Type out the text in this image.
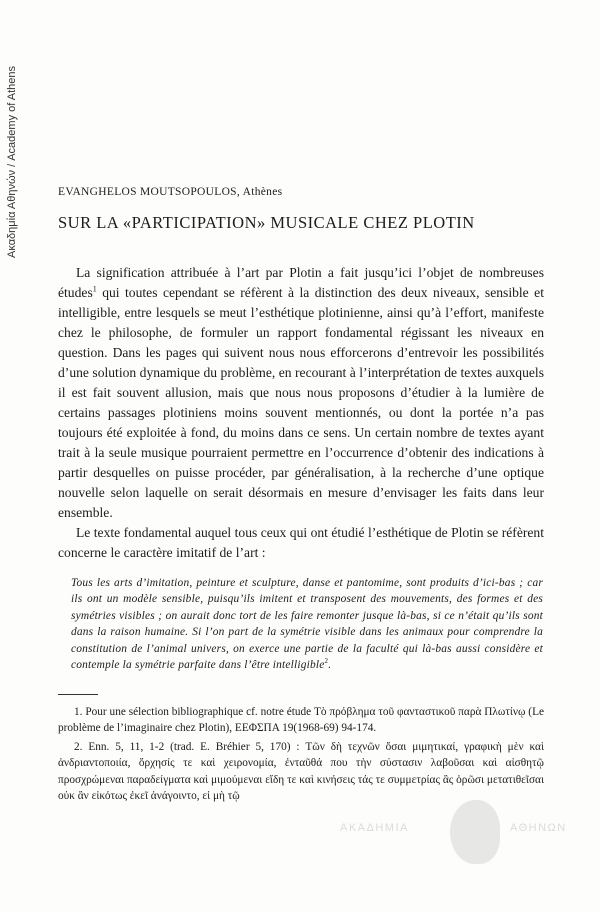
Ακαδημία Αθηνών / Academy of Athens	EVANGHELOS MOUTSOPOULOS, Athènes
SUR LA «PARTICIPATION» MUSICALE CHEZ PLOTIN

La signification attribuée à l’art par Plotin a fait jusqu’ici l’objet de nombreuses études$^1$ qui toutes cependant se réfèrent à la distinction des deux niveaux, sensible et intelligible, entre lesquels se meut l’esthétique plotinienne, ainsi qu’à l’effort, manifeste chez le philosophe, de formuler un rapport fondamental régissant les niveaux en question. Dans les pages qui suivent nous nous efforcerons d’entrevoir les possibilités d’une solution dynamique du problème, en recourant à l’interprétation de textes auxquels il est fait souvent allusion, mais que nous nous proposons d’étudier à la lumière de certains passages plotiniens moins souvent mentionnés, ou dont la portée n’a pas toujours été exploitée à fond, du moins dans ce sens. Un certain nombre de textes ayant trait à la seule musique pourraient permettre en l’occurrence d’obtenir des indications à partir desquelles on puisse procéder, par généralisation, à la recherche d’une optique nouvelle selon laquelle on serait désormais en mesure d’envisager les faits dans leur ensemble.

Le texte fondamental auquel tous ceux qui ont étudié l’esthétique de Plotin se réfèrent concerne le caractère imitatif de l’art :

Tous les arts d’imitation, peinture et sculpture, danse et pantomime, sont produits d’ici-bas ; car ils ont un modèle sensible, puisqu’ils imitent et transposent des mouvements, des formes et des symétries visibles ; on aurait donc tort de les faire remonter jusque là-bas, si ce n’était qu’ils sont dans la raison humaine. Si l’on part de la symétrie visible dans les animaux pour comprendre la constitution de l’animal univers, on exerce une partie de la faculté qui là-bas aussi considère et contemple la symétrie parfaite dans l’être intelligible$^2$.

1. Pour une sélection bibliographique cf. notre étude Τὸ πρόβλημα τοῦ φανταστικοῦ παρὰ Πλωτίνῳ (Le problème de l’imaginaire chez Plotin), ΕΕΦΣΠΑ 19(1968-69) 94-174.

2. Enn. 5, 11, 1-2 (trad. E. Bréhier 5, 170) : Τῶν δὴ τεχνῶν ὅσαι μιμητικαί, γραφικὴ μὲν καὶ ἀνδριαντοποιία, ὄρχησίς τε καὶ χειρονομία, ἐνταῦθά που τὴν σύστασιν λαβοῦσαι καὶ αἰσθητῷ προσχρώμεναι παραδείγματα καὶ μιμούμεναι εἴδη τε καὶ κινήσεις τάς τε συμμετρίας ἃς ὁρῶσι μετατιθεῖσαι οὐκ ἂν εἰκότως ἐκεῖ ἀνάγοιντο, εἰ μὴ τῷ

ΑΚΑΔΗΜΙΑ	ΑΘΗΝΩΝ
